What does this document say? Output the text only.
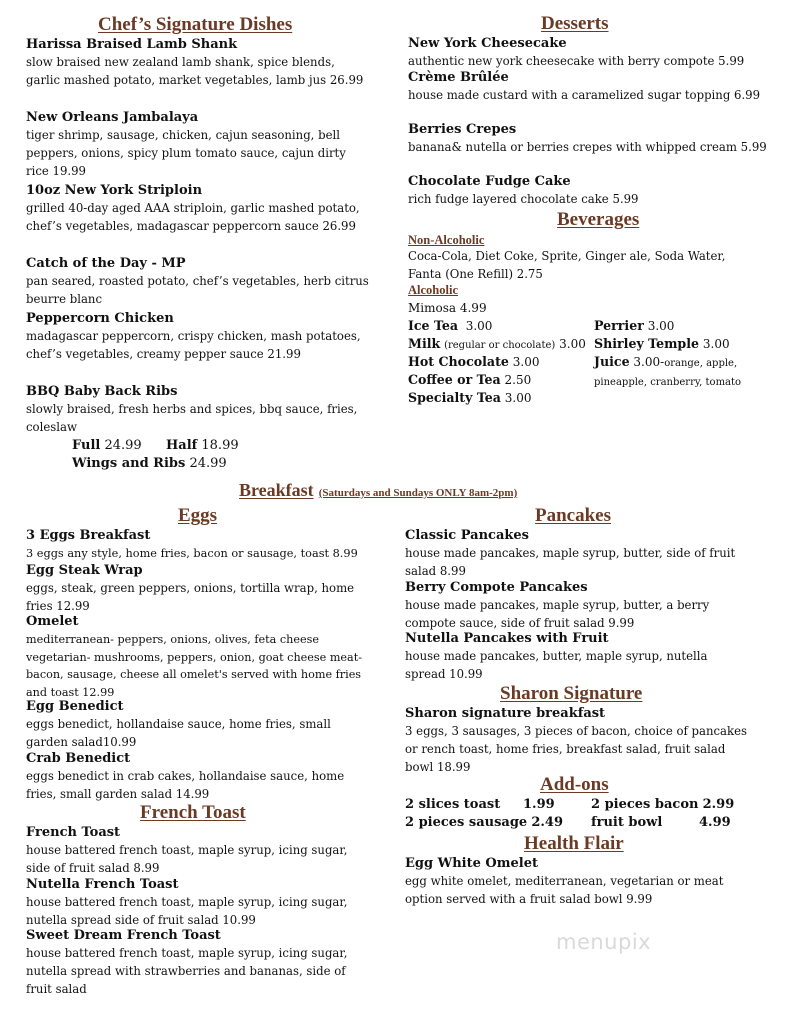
Chef’s Signature Dishes
Harissa Braised Lamb Shank
slow braised new zealand lamb shank, spice blends, garlic mashed potato, market vegetables, lamb jus 26.99
New Orleans Jambalaya
tiger shrimp, sausage, chicken, cajun seasoning, bell peppers, onions, spicy plum tomato sauce, cajun dirty rice 19.99
10oz New York Striploin
grilled 40-day aged AAA striploin, garlic mashed potato, chef’s vegetables, madagascar peppercorn sauce 26.99
Catch of the Day - MP
pan seared, roasted potato, chef’s vegetables, herb citrus beurre blanc
Peppercorn Chicken
madagascar peppercorn, crispy chicken, mash potatoes, chef’s vegetables, creamy pepper sauce 21.99
BBQ Baby Back Ribs
slowly braised, fresh herbs and spices, bbq sauce, fries, coleslaw
Full 24.99 Half 18.99
Wings and Ribs 24.99
Desserts
New York Cheesecake
authentic new york cheesecake with berry compote 5.99
Crème Brûlée
house made custard with a caramelized sugar topping 6.99
Berries Crepes
banana& nutella or berries crepes with whipped cream 5.99
Chocolate Fudge Cake
rich fudge layered chocolate cake 5.99
Beverages
Non-Alcoholic
Coca-Cola, Diet Coke, Sprite, Ginger ale, Soda Water, Fanta (One Refill) 2.75
Alcoholic
Mimosa 4.99
Ice Tea 3.00
Milk (regular or chocolate) 3.00
Hot Chocolate 3.00
Coffee or Tea 2.50
Specialty Tea 3.00
Perrier 3.00
Shirley Temple 3.00
Juice 3.00-orange, apple,
pineapple, cranberry, tomato
Breakfast (Saturdays and Sundays ONLY 8am-2pm)
Eggs
3 Eggs Breakfast
3 eggs any style, home fries, bacon or sausage, toast 8.99
Egg Steak Wrap
eggs, steak, green peppers, onions, tortilla wrap, home fries 12.99
Omelet
mediterranean- peppers, onions, olives, feta cheese vegetarian- mushrooms, peppers, onion, goat cheese meat- bacon, sausage, cheese all omelet's served with home fries and toast 12.99
Egg Benedict
eggs benedict, hollandaise sauce, home fries, small garden salad10.99
Crab Benedict
eggs benedict in crab cakes, hollandaise sauce, home fries, small garden salad 14.99
French Toast
French Toast
house battered french toast, maple syrup, icing sugar, side of fruit salad 8.99
Nutella French Toast
house battered french toast, maple syrup, icing sugar, nutella spread side of fruit salad 10.99
Sweet Dream French Toast
house battered french toast, maple syrup, icing sugar, nutella spread with strawberries and bananas, side of fruit salad
Pancakes
Classic Pancakes
house made pancakes, maple syrup, butter, side of fruit salad 8.99
Berry Compote Pancakes
house made pancakes, maple syrup, butter, a berry compote sauce, side of fruit salad 9.99
Nutella Pancakes with Fruit
house made pancakes, butter, maple syrup, nutella spread 10.99
Sharon Signature
Sharon signature breakfast
3 eggs, 3 sausages, 3 pieces of bacon, choice of pancakes or rench toast, home fries, breakfast salad, fruit salad bowl 18.99
Add-ons
2 slices toast 1.99	2 pieces bacon 2.99
2 pieces sausage 2.49 fruit bowl	4.99
Health Flair
Egg White Omelet
egg white omelet, mediterranean, vegetarian or meat option served with a fruit salad bowl 9.99
menupix
